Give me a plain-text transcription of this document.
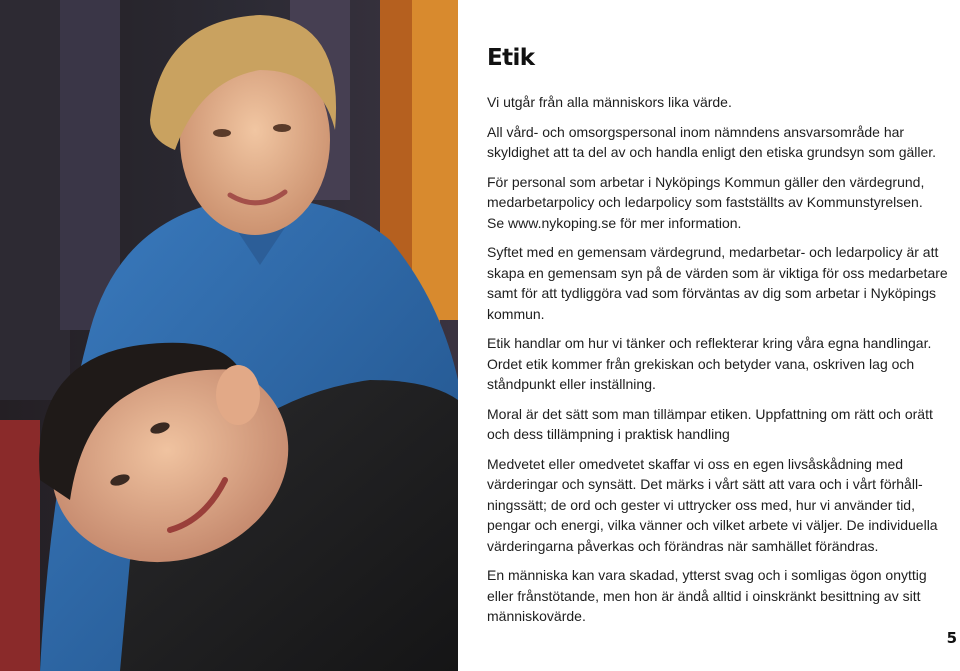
Etik
Vi utgår från alla människors lika värde.
All vård- och omsorgspersonal inom nämndens ansvarsområde har
skyldighet att ta del av och handla enligt den etiska grundsyn som gäller.
För personal som arbetar i Nyköpings Kommun gäller den värdegrund,
medarbetarpolicy och ledarpolicy som fastställts av Kommunstyrelsen.
Se www.nykoping.se för mer information.
Syftet med en gemensam värdegrund, medarbetar- och ledarpolicy är att
skapa en gemensam syn på de värden som är viktiga för oss medarbetare
samt för att tydliggöra vad som förväntas av dig som arbetar i Nyköpings
kommun.
Etik handlar om hur vi tänker och reflekterar kring våra egna handlingar.
Ordet etik kommer från grekiskan och betyder vana, oskriven lag och
ståndpunkt eller inställning.
Moral är det sätt som man tillämpar etiken. Uppfattning om rätt och orätt
och dess tillämpning i praktisk handling
Medvetet eller omedvetet skaffar vi oss en egen livsåskådning med
värderingar och synsätt. Det märks i vårt sätt att vara och i vårt förhåll-
ningssätt; de ord och gester vi uttrycker oss med, hur vi använder tid,
pengar och energi, vilka vänner och vilket arbete vi väljer. De individuella
värderingarna påverkas och förändras när samhället förändras.
En människa kan vara skadad, ytterst svag och i somligas ögon onyttig
eller frånstötande, men hon är ändå alltid i oinskränkt besittning av sitt
människovärde.
5
